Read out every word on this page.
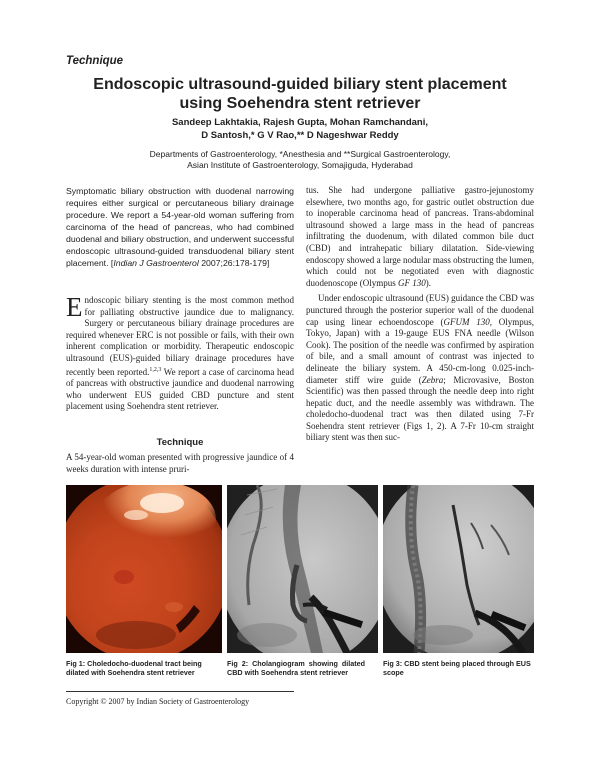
Technique
Endoscopic ultrasound-guided biliary stent placement
using Soehendra stent retriever
Sandeep Lakhtakia, Rajesh Gupta, Mohan Ramchandani,
D Santosh,* G V Rao,** D Nageshwar Reddy
Departments of Gastroenterology, *Anesthesia and **Surgical Gastroenterology,
Asian Institute of Gastroenterology, Somajiguda, Hyderabad
Symptomatic biliary obstruction with duodenal narrowing requires either surgical or percutaneous biliary drainage procedure. We report a 54-year-old woman suffering from carcinoma of the head of pancreas, who had combined duodenal and biliary obstruction, and underwent successful endoscopic ultrasound-guided transduodenal biliary stent placement. [Indian J Gastroenterol 2007;26:178-179]
Endoscopic biliary stenting is the most common method for palliating obstructive jaundice due to malignancy. Surgery or percutaneous biliary drainage procedures are required whenever ERC is not possible or fails, with their own inherent complication or morbidity. Therapeutic endoscopic ultrasound (EUS)-guided biliary drainage procedures have recently been reported.$^{1,2,3}$ We report a case of carcinoma head of pancreas with obstructive jaundice and duodenal narrowing who underwent EUS guided CBD puncture and stent placement using Soehendra stent retriever.
Technique
A 54-year-old woman presented with progressive jaundice of 4 weeks duration with intense pruri-

tus. She had undergone palliative gastro-jejunostomy elsewhere, two months ago, for gastric outlet obstruction due to inoperable carcinoma head of pancreas. Trans-abdominal ultrasound showed a large mass in the head of pancreas infiltrating the duodenum, with dilated common bile duct (CBD) and intrahepatic biliary dilatation. Side-viewing endoscopy showed a large nodular mass obstructing the lumen, which could not be negotiated even with diagnostic duodenoscope (Olympus GF 130).

Under endoscopic ultrasound (EUS) guidance the CBD was punctured through the posterior superior wall of the duodenal cap using linear echoendoscope (GFUM 130, Olympus, Tokyo, Japan) with a 19-gauge EUS FNA needle (Wilson Cook). The position of the needle was confirmed by aspiration of bile, and a small amount of contrast was injected to delineate the biliary system. A 450-cm-long 0.025-inch-diameter stiff wire guide (Zebra; Microvasive, Boston Scientific) was then passed through the needle deep into right hepatic duct, and the needle assembly was withdrawn. The choledocho-duodenal tract was then dilated using 7-Fr Soehendra stent retriever (Figs 1, 2). A 7-Fr 10-cm straight biliary stent was then suc-

Fig 1: Choledocho-duodenal tract being dilated with Soehendra stent retriever
Fig 2: Cholangiogram showing dilated CBD with Soehendra stent retriever
Fig 3: CBD stent being placed through EUS scope
Copyright © 2007 by Indian Society of Gastroenterology
